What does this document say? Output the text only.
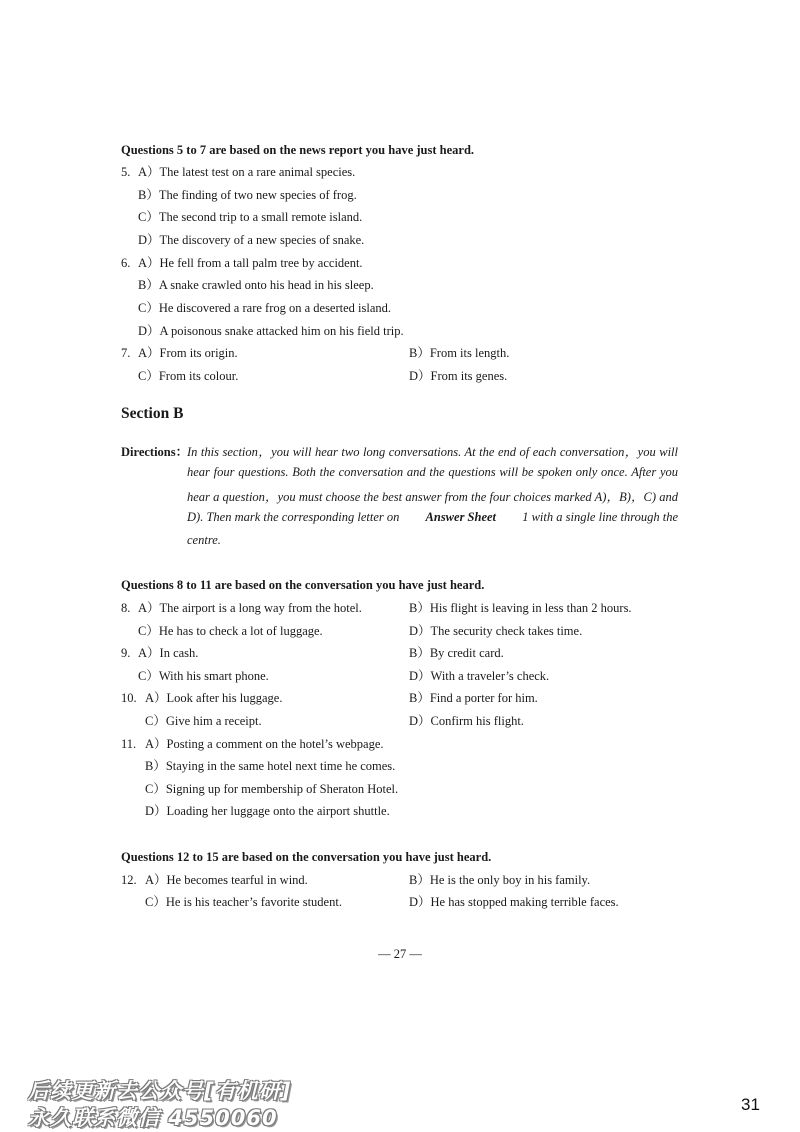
Questions 5 to 7 are based on the news report you have just heard.
5. A）The latest test on a rare animal species.
B）The finding of two new species of frog.
C）The second trip to a small remote island.
D）The discovery of a new species of snake.
6. A）He fell from a tall palm tree by accident.
B）A snake crawled onto his head in his sleep.
C）He discovered a rare frog on a deserted island.
D）A poisonous snake attacked him on his field trip.
7. A）From its origin.	B）From its length.
C）From its colour.	D）From its genes.
Section B
Directions：
In this section，you will hear two long conversations. At the end of each conversation，you will
hear four questions. Both the conversation and the questions will be spoken only once. After you
hear a question，you must choose the best answer from the four choices marked A)，B)，C) and
D). Then mark the corresponding letter on Answer Sheet 1 with a single line through the
centre.
Questions 8 to 11 are based on the conversation you have just heard.
8. A）The airport is a long way from the hotel.	B）His flight is leaving in less than 2 hours.
C）He has to check a lot of luggage.	D）The security check takes time.
9. A）In cash.	B）By credit card.
C）With his smart phone.	D）With a traveler’s check.
10. A）Look after his luggage.	B）Find a porter for him.
C）Give him a receipt.	D）Confirm his flight.
11. A）Posting a comment on the hotel’s webpage.
B）Staying in the same hotel next time he comes.
C）Signing up for membership of Sheraton Hotel.
D）Loading her luggage onto the airport shuttle.
Questions 12 to 15 are based on the conversation you have just heard.
12. A）He becomes tearful in wind.	B）He is the only boy in his family.
C）He is his teacher’s favorite student.	D）He has stopped making terrible faces.
— 27 —
后续更新去公众号[有机研]
永久联系微信 4550060
31
